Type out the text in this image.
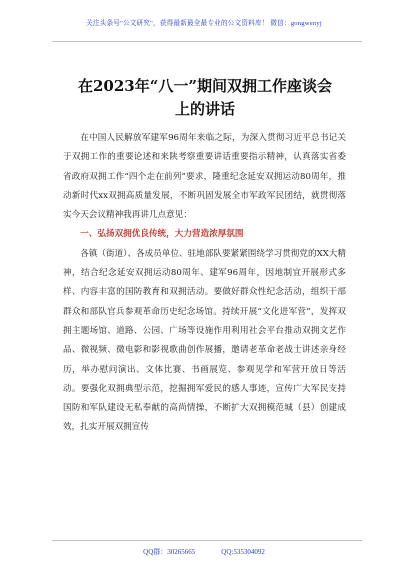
关注头条号"公文研究"，获得最新最全最专业的公文资料库！ 微信：gongwenyj
在2023年“八一”期间双拥工作座谈会
上的讲话

在中国人民解放军建军96周年来临之际，为深入贯彻习近平总书记关于双拥工作的重要论述和来陕考察重要讲话重要指示精神，认真落实省委省政府双拥工作“四个走在前列”要求，隆重纪念延安双拥运动80周年，推动新时代xx双拥高质量发展，不断巩固发展全市军政军民团结，就贯彻落实今天会议精神我再讲几点意见：

一、弘扬双拥优良传统，大力营造浓厚氛围

各镇（街道）、各成员单位、驻地部队要紧紧围绕学习贯彻党的XX大精神，结合纪念延安双拥运动80周年、建军96周年，因地制宜开展形式多样、内容丰富的国防教育和双拥活动。要做好群众性纪念活动，组织干部群众和部队官兵参观革命历史纪念场馆。持续开展“文化进军营”，发挥双拥主题场馆、道路、公园、广场等设施作用利用社会平台推动双拥文艺作品、微视频、微电影和影视歌曲创作展播，邀请老革命老战士讲述亲身经历，举办慰问演出、文体比赛、书画展览、参观见学和军营开放日等活动。要强化双拥典型示范，挖掘拥军爱民的感人事迹，宣传广大军民支持国防和军队建设无私奉献的高尚情操，不断扩大双拥模范城（县）创建成效，扎实开展双拥宣传

QQ群：30265665	QQ:535304092
